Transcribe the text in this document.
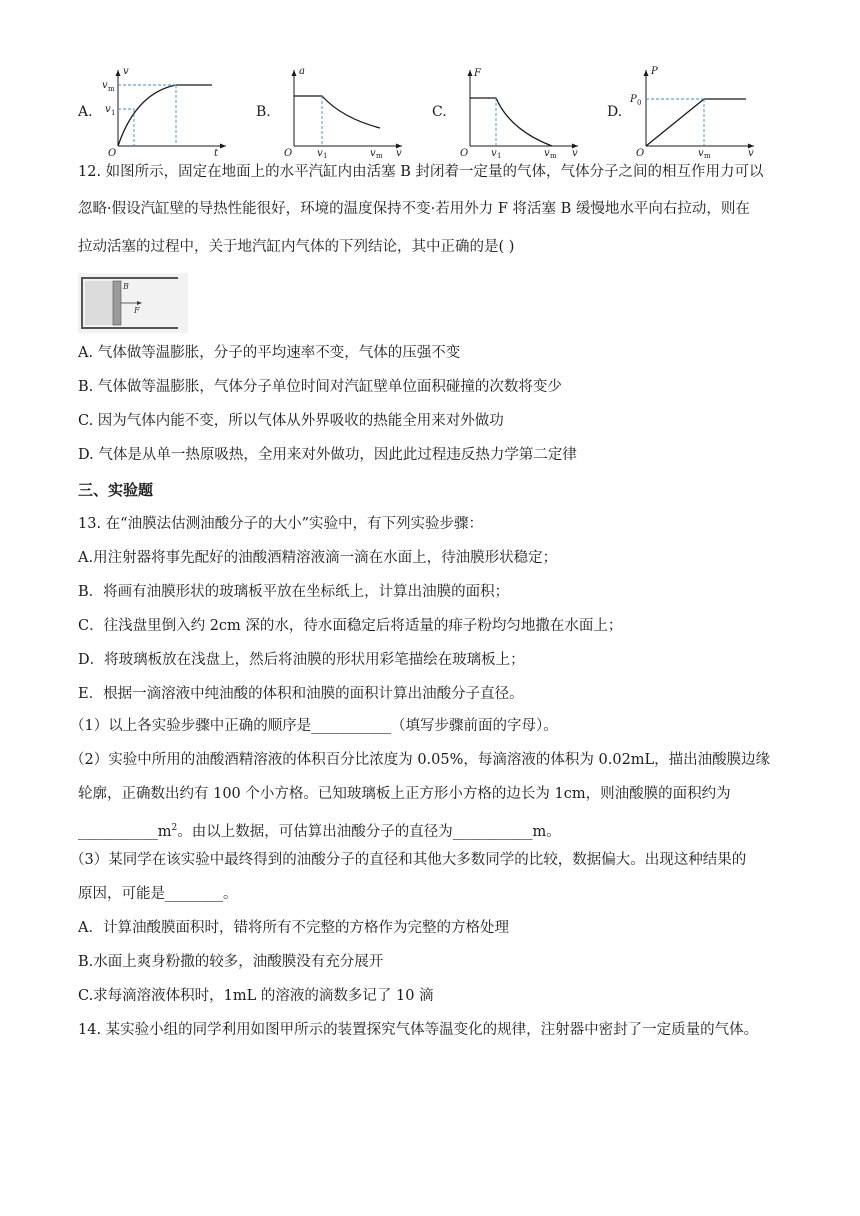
A.
v
v m
v 1
t
O
B.
a
v 1	v m v
O
C.
F
v 1	v m v
O
D.
P
P 0
v m	v
O
12. 如图所示，固定在地面上的水平汽缸内由活塞 B 封闭着一定量的气体，气体分子之间的相互作用力可以
忽略·假设汽缸壁的导热性能很好，环境的温度保持不变·若用外力 F 将活塞 B 缓慢地水平向右拉动，则在
拉动活塞的过程中，关于地汽缸内气体的下列结论，其中正确的是( )
B
F
A. 气体做等温膨胀，分子的平均速率不变，气体的压强不变
B. 气体做等温膨胀，气体分子单位时间对汽缸壁单位面积碰撞的次数将变少
C. 因为气体内能不变，所以气体从外界吸收的热能全用来对外做功
D. 气体是从单一热原吸热，全用来对外做功，因此此过程违反热力学第二定律
三、实验题
13. 在“油膜法估测油酸分子的大小”实验中，有下列实验步骤：
A.用注射器将事先配好的油酸酒精溶液滴一滴在水面上，待油膜形状稳定；
B．将画有油膜形状的玻璃板平放在坐标纸上，计算出油膜的面积；
C．往浅盘里倒入约 2cm 深的水，待水面稳定后将适量的痱子粉均匀地撒在水面上；
D．将玻璃板放在浅盘上，然后将油膜的形状用彩笔描绘在玻璃板上；
E．根据一滴溶液中纯油酸的体积和油膜的面积计算出油酸分子直径。
（1）以上各实验步骤中正确的顺序是___________（填写步骤前面的字母）。
（2）实验中所用的油酸酒精溶液的体积百分比浓度为 0.05%，每滴溶液的体积为 0.02mL，描出油酸膜边缘
轮廓，正确数出约有 100 个小方格。已知玻璃板上正方形小方格的边长为 1cm，则油酸膜的面积约为
$\_\_\_\_\_\_\_\_\_\_\_m^2$。由以上数据，可估算出油酸分子的直径为___________m。
（3）某同学在该实验中最终得到的油酸分子的直径和其他大多数同学的比较，数据偏大。出现这种结果的
原因，可能是________。
A．计算油酸膜面积时，错将所有不完整的方格作为完整的方格处理
B.水面上爽身粉撒的较多，油酸膜没有充分展开
C.求每滴溶液体积时，1mL 的溶液的滴数多记了 10 滴
14. 某实验小组的同学利用如图甲所示的装置探究气体等温变化的规律，注射器中密封了一定质量的气体。
